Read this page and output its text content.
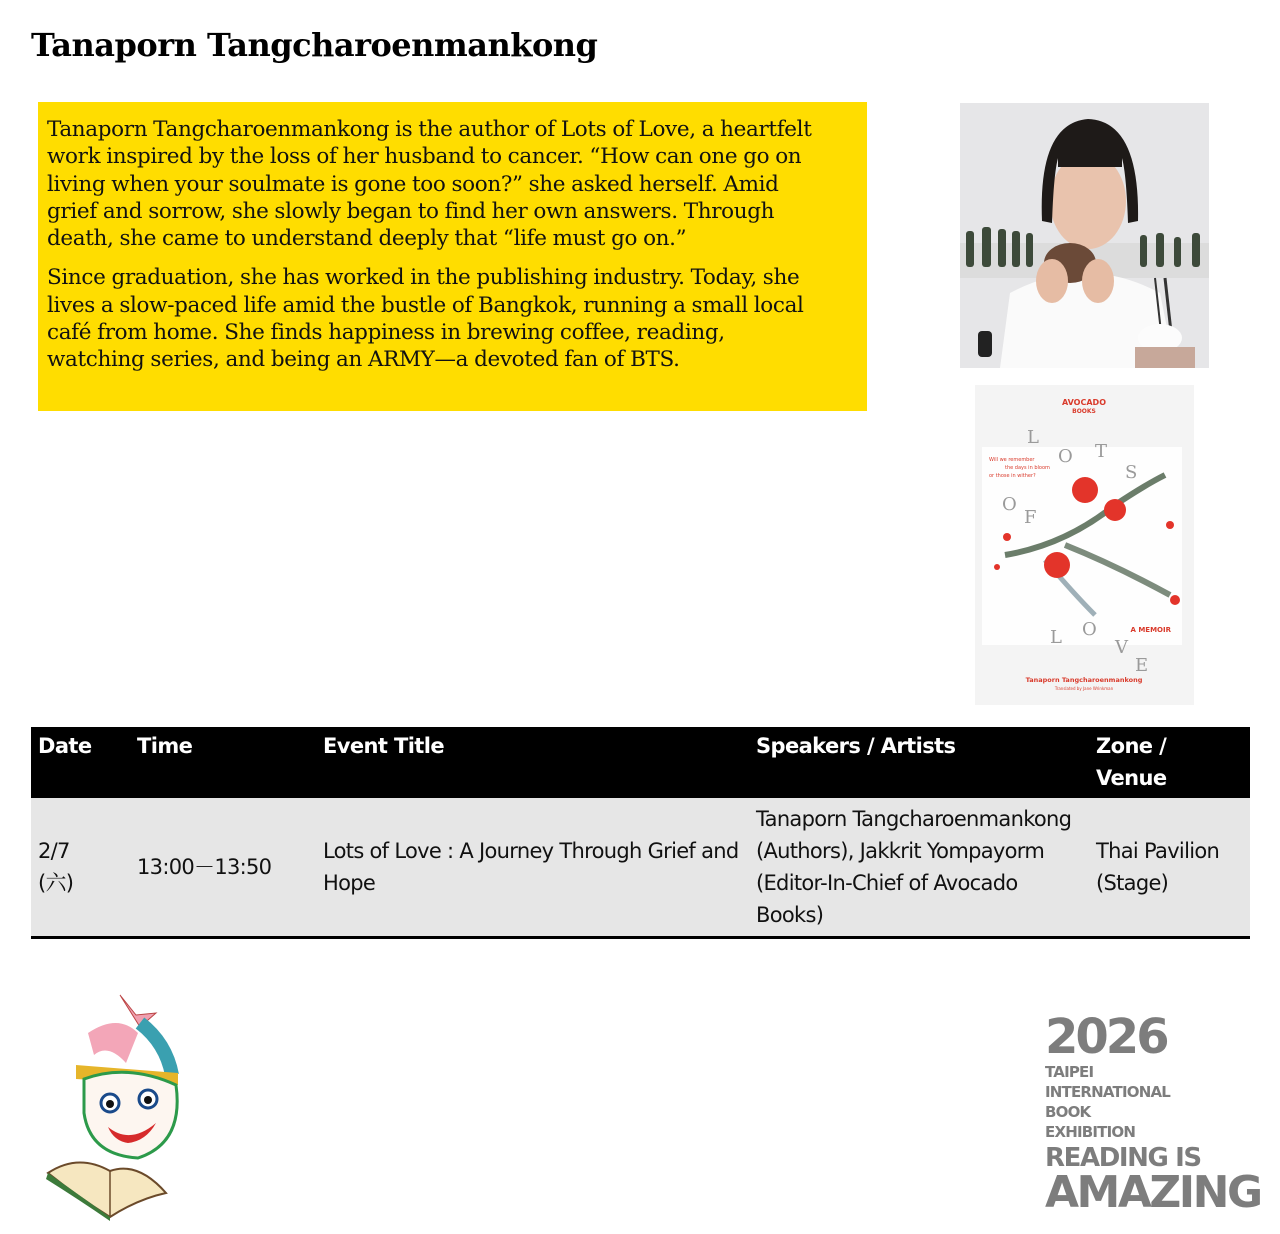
Tanaporn Tangcharoenmankong

Tanaporn Tangcharoenmankong is the author of Lots of Love, a heartfelt work inspired by the loss of her husband to cancer. “How can one go on living when your soulmate is gone too soon?” she asked herself. Amid grief and sorrow, she slowly began to find her own answers. Through death, she came to understand deeply that “life must go on.”

Since graduation, she has worked in the publishing industry. Today, she lives a slow-paced life amid the bustle of Bangkok, running a small local café from home. She finds happiness in brewing coffee, reading, watching series, and being an ARMY—a devoted fan of BTS.

AVOCADO
BOOKS
L
O T
S
O
F
L O
V
E
Will we remember
the days in bloom
or those in wither?
A MEMOIR
Tanaporn Tangcharoenmankong
Translated by Jane Wrinkman
Date	Time	Event Title	Speakers / Artists	Zone / Venue
2/7 (六)	13:00－13:50	Lots of Love : A Journey Through Grief and Hope	Tanaporn Tangcharoenmankong (Authors), Jakkrit Yompayorm (Editor-In-Chief of Avocado Books)	Thai Pavilion (Stage)
2026
TAIPEI
INTERNATIONAL
BOOK
EXHIBITION
READING IS
AMAZING
